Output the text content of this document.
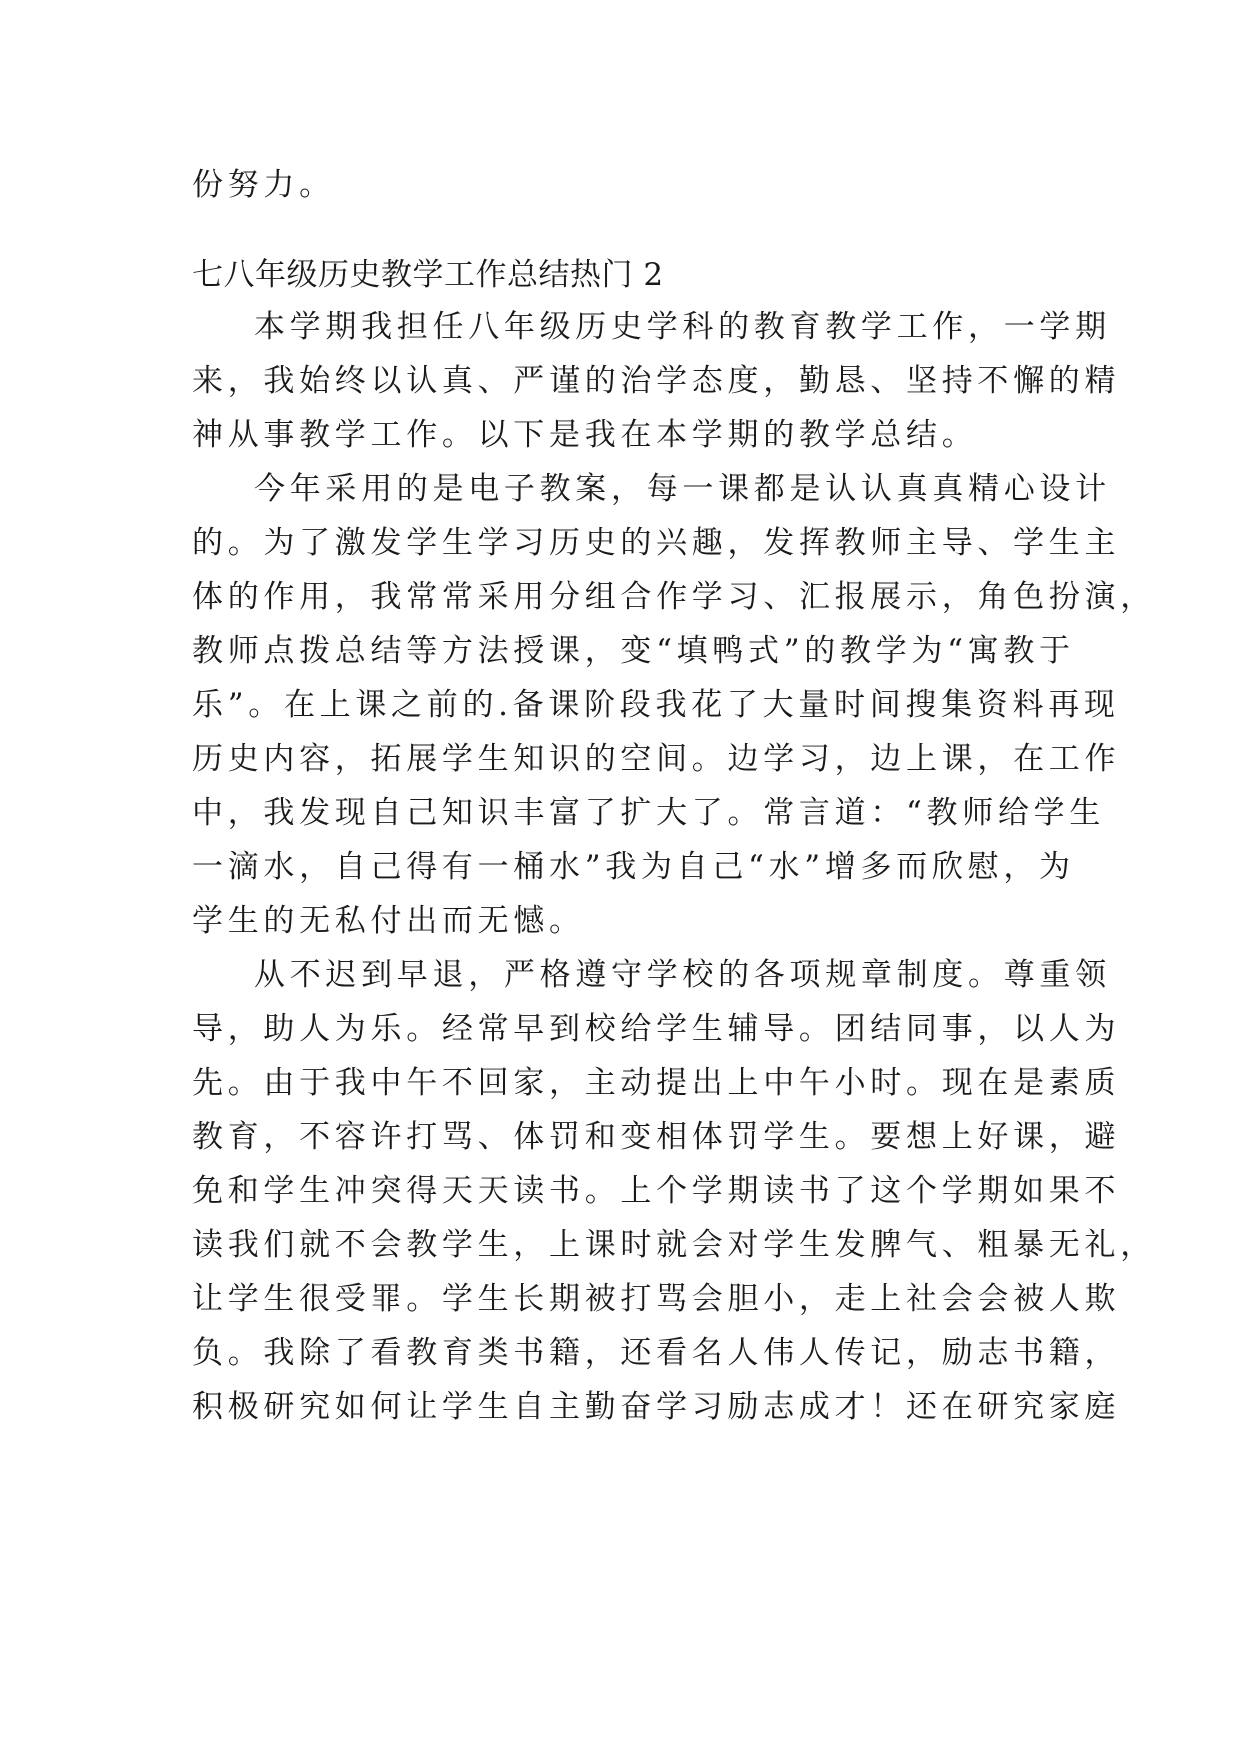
份努力。
七八年级历史教学工作总结热门 2
本学期我担任八年级历史学科的教育教学工作，一学期
来，我始终以认真、严谨的治学态度，勤恳、坚持不懈的精
神从事教学工作。以下是我在本学期的教学总结。
今年采用的是电子教案，每一课都是认认真真精心设计
的。为了激发学生学习历史的兴趣，发挥教师主导、学生主
体的作用，我常常采用分组合作学习、汇报展示，角色扮演，
教师点拨总结等方法授课，变“填鸭式”的教学为“寓教于
乐”。在上课之前的.备课阶段我花了大量时间搜集资料再现
历史内容，拓展学生知识的空间。边学习，边上课，在工作
中，我发现自己知识丰富了扩大了。常言道：“教师给学生
一滴水，自己得有一桶水”我为自己“水”增多而欣慰，为
学生的无私付出而无憾。
从不迟到早退，严格遵守学校的各项规章制度。尊重领
导，助人为乐。经常早到校给学生辅导。团结同事，以人为
先。由于我中午不回家，主动提出上中午小时。现在是素质
教育，不容许打骂、体罚和变相体罚学生。要想上好课，避
免和学生冲突得天天读书。上个学期读书了这个学期如果不
读我们就不会教学生，上课时就会对学生发脾气、粗暴无礼，
让学生很受罪。学生长期被打骂会胆小，走上社会会被人欺
负。我除了看教育类书籍，还看名人伟人传记，励志书籍，
积极研究如何让学生自主勤奋学习励志成才！还在研究家庭
